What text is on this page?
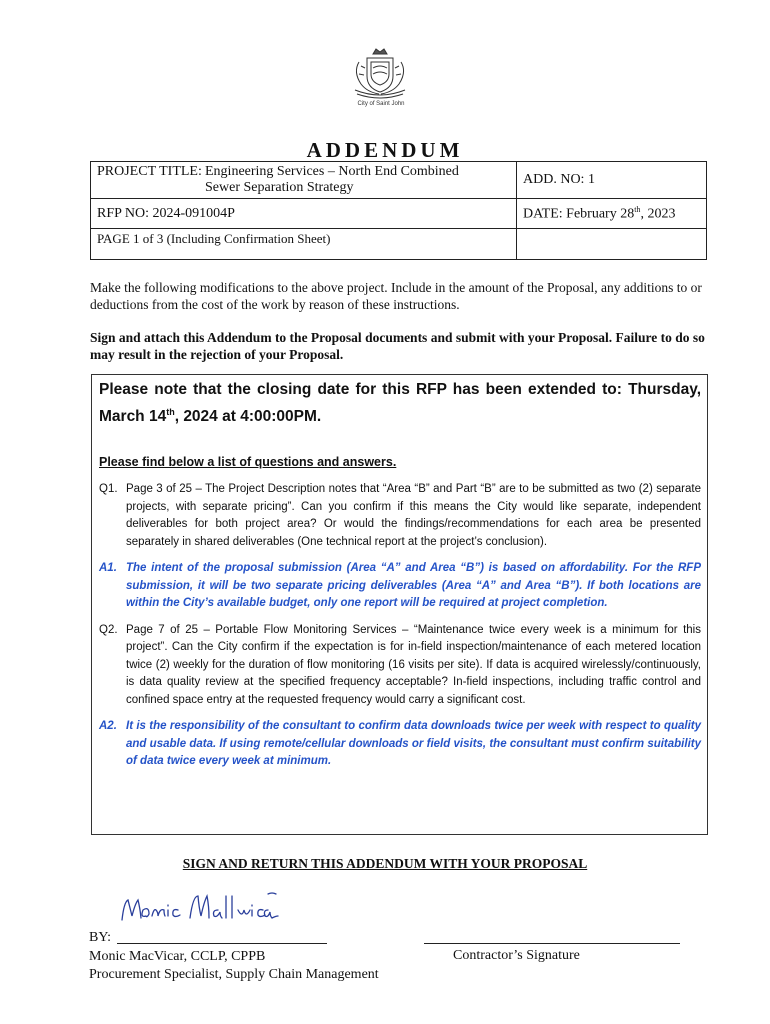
City of Saint John
ADDENDUM
PROJECT TITLE: Engineering Services – North End Combined
Sewer Separation Strategy	ADD. NO: 1
RFP NO: 2024-091004P	DATE: February 28th, 2023
PAGE 1 of 3 (Including Confirmation Sheet)	
Make the following modifications to the above project. Include in the amount of the Proposal, any additions to or deductions from the cost of the work by reason of these instructions.
Sign and attach this Addendum to the Proposal documents and submit with your Proposal. Failure to do so may result in the rejection of your Proposal.
Please note that the closing date for this RFP has been extended to: Thursday, March 14th, 2024 at 4:00:00PM.
Please find below a list of questions and answers.
Q1. Page 3 of 25 – The Project Description notes that “Area “B” and Part “B” are to be submitted as two (2) separate projects, with separate pricing”. Can you confirm if this means the City would like separate, independent deliverables for both project area? Or would the findings/recommendations for each area be presented separately in shared deliverables (One technical report at the project’s conclusion).
A1. The intent of the proposal submission (Area “A” and Area “B”) is based on affordability. For the RFP submission, it will be two separate pricing deliverables (Area “A” and Area “B”). If both locations are within the City’s available budget, only one report will be required at project completion.
Q2. Page 7 of 25 – Portable Flow Monitoring Services – “Maintenance twice every week is a minimum for this project”. Can the City confirm if the expectation is for in-field inspection/maintenance of each metered location twice (2) weekly for the duration of flow monitoring (16 visits per site). If data is acquired wirelessly/continuously, is data quality review at the specified frequency acceptable? In-field inspections, including traffic control and confined space entry at the requested frequency would carry a significant cost.
A2. It is the responsibility of the consultant to confirm data downloads twice per week with respect to quality and usable data. If using remote/cellular downloads or field visits, the consultant must confirm suitability of data twice every week at minimum.
SIGN AND RETURN THIS ADDENDUM WITH YOUR PROPOSAL
BY:
Monic MacVicar, CCLP, CPPB
Procurement Specialist, Supply Chain Management
Contractor’s Signature
